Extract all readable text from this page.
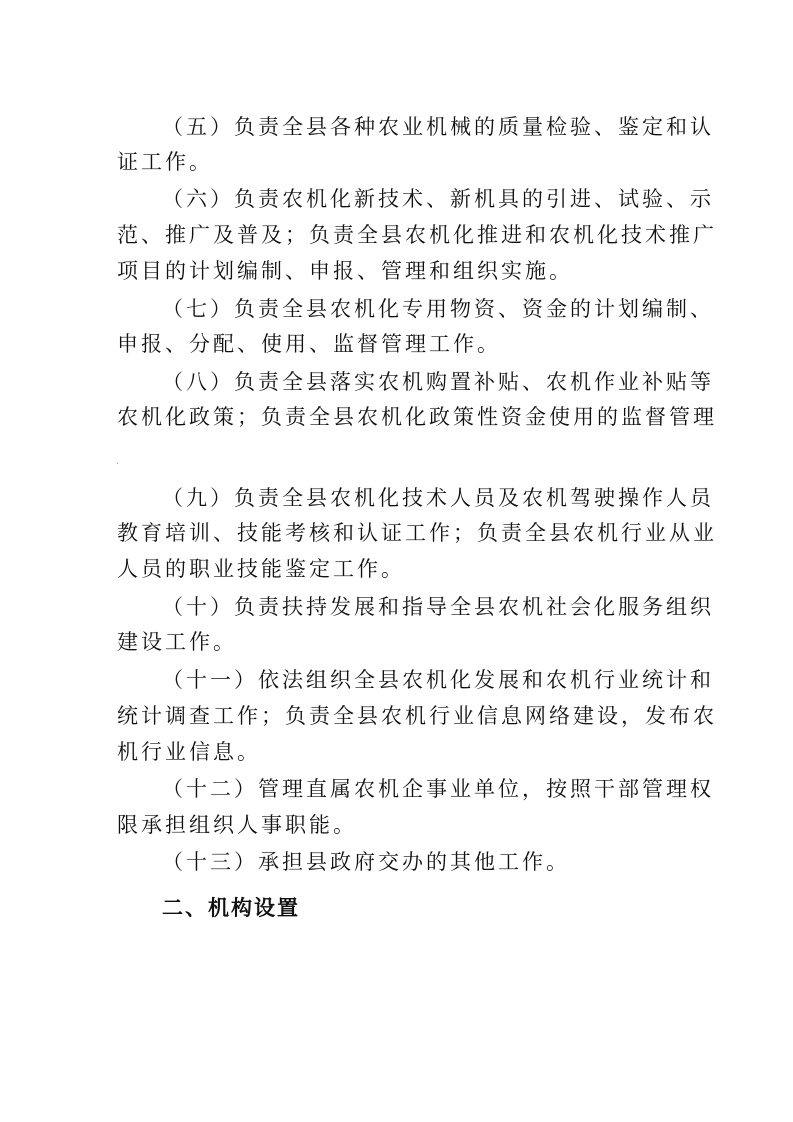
（五）负责全县各种农业机械的质量检验、鉴定和认

证工作。

（六）负责农机化新技术、新机具的引进、试验、示

范、推广及普及；负责全县农机化推进和农机化技术推广

项目的计划编制、申报、管理和组织实施。

（七）负责全县农机化专用物资、资金的计划编制、

申报、分配、使用、监督管理工作。

（八）负责全县落实农机购置补贴、农机作业补贴等

农机化政策；负责全县农机化政策性资金使用的监督管理

（九）负责全县农机化技术人员及农机驾驶操作人员

教育培训、技能考核和认证工作；负责全县农机行业从业

人员的职业技能鉴定工作。

（十）负责扶持发展和指导全县农机社会化服务组织

建设工作。

（十一）依法组织全县农机化发展和农机行业统计和

统计调查工作；负责全县农机行业信息网络建设，发布农

机行业信息。

（十二）管理直属农机企事业单位，按照干部管理权

限承担组织人事职能。

（十三）承担县政府交办的其他工作。

二、机构设置
